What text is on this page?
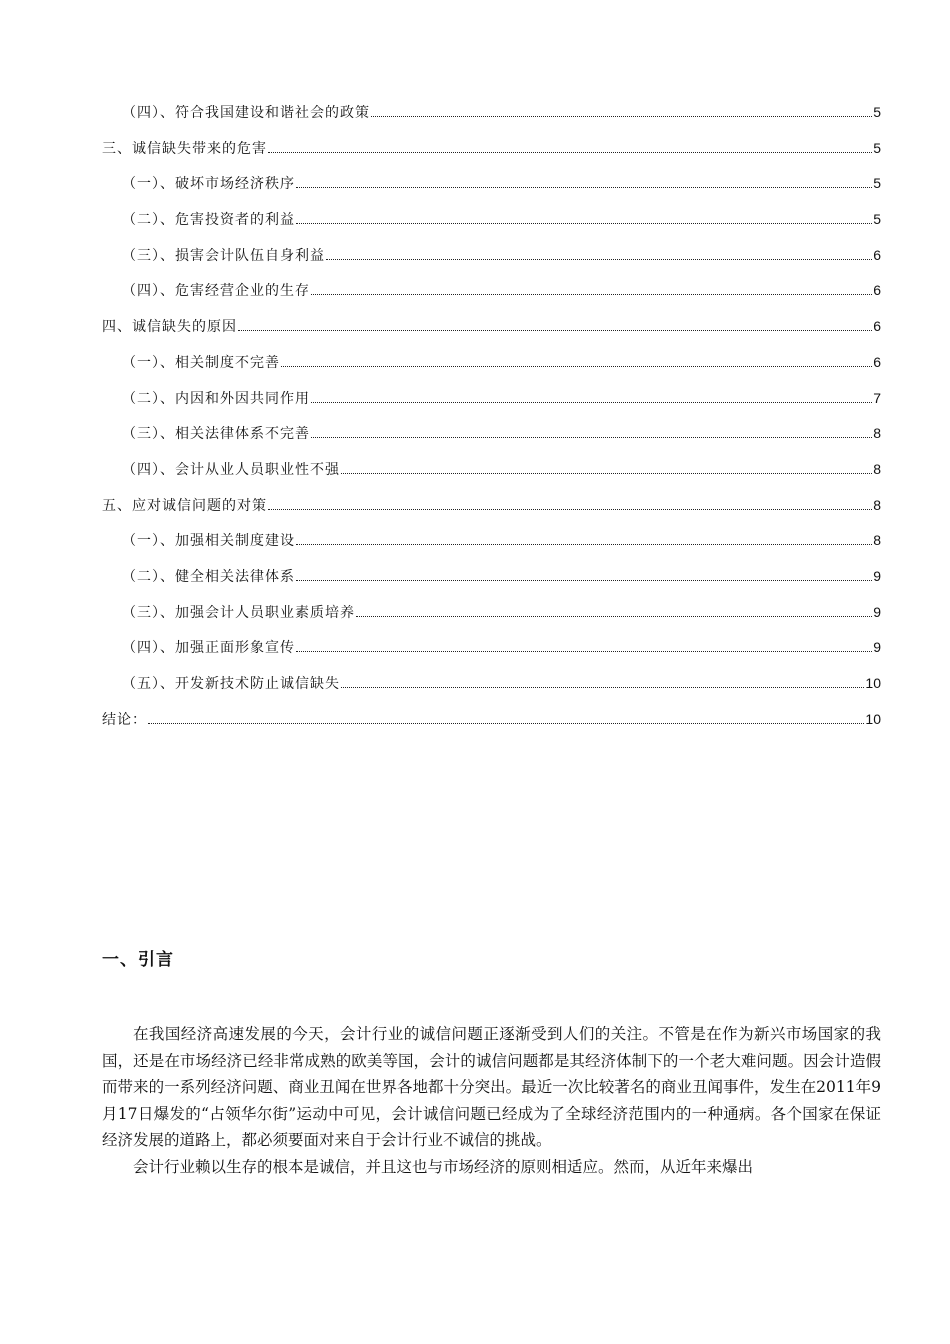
（四）、符合我国建设和谐社会的政策	5
三、诚信缺失带来的危害	5
（一）、破坏市场经济秩序	5
（二）、危害投资者的利益	5
（三）、损害会计队伍自身利益	6
（四）、危害经营企业的生存	6
四、诚信缺失的原因	6
（一）、相关制度不完善	6
（二）、内因和外因共同作用	7
（三）、相关法律体系不完善	8
（四）、会计从业人员职业性不强	8
五、应对诚信问题的对策	8
（一）、加强相关制度建设	8
（二）、健全相关法律体系	9
（三）、加强会计人员职业素质培养	9
（四）、加强正面形象宣传	9
（五）、开发新技术防止诚信缺失	10
结论：	10
一、引言

在我国经济高速发展的今天，会计行业的诚信问题正逐渐受到人们的关注。不管是在作为新兴市场国家的我国，还是在市场经济已经非常成熟的欧美等国，会计的诚信问题都是其经济体制下的一个老大难问题。因会计造假而带来的一系列经济问题、商业丑闻在世界各地都十分突出。最近一次比较著名的商业丑闻事件，发生在2011年9月17日爆发的“占领华尔街”运动中可见，会计诚信问题已经成为了全球经济范围内的一种通病。各个国家在保证经济发展的道路上，都必须要面对来自于会计行业不诚信的挑战。

会计行业赖以生存的根本是诚信，并且这也与市场经济的原则相适应。然而，从近年来爆出
